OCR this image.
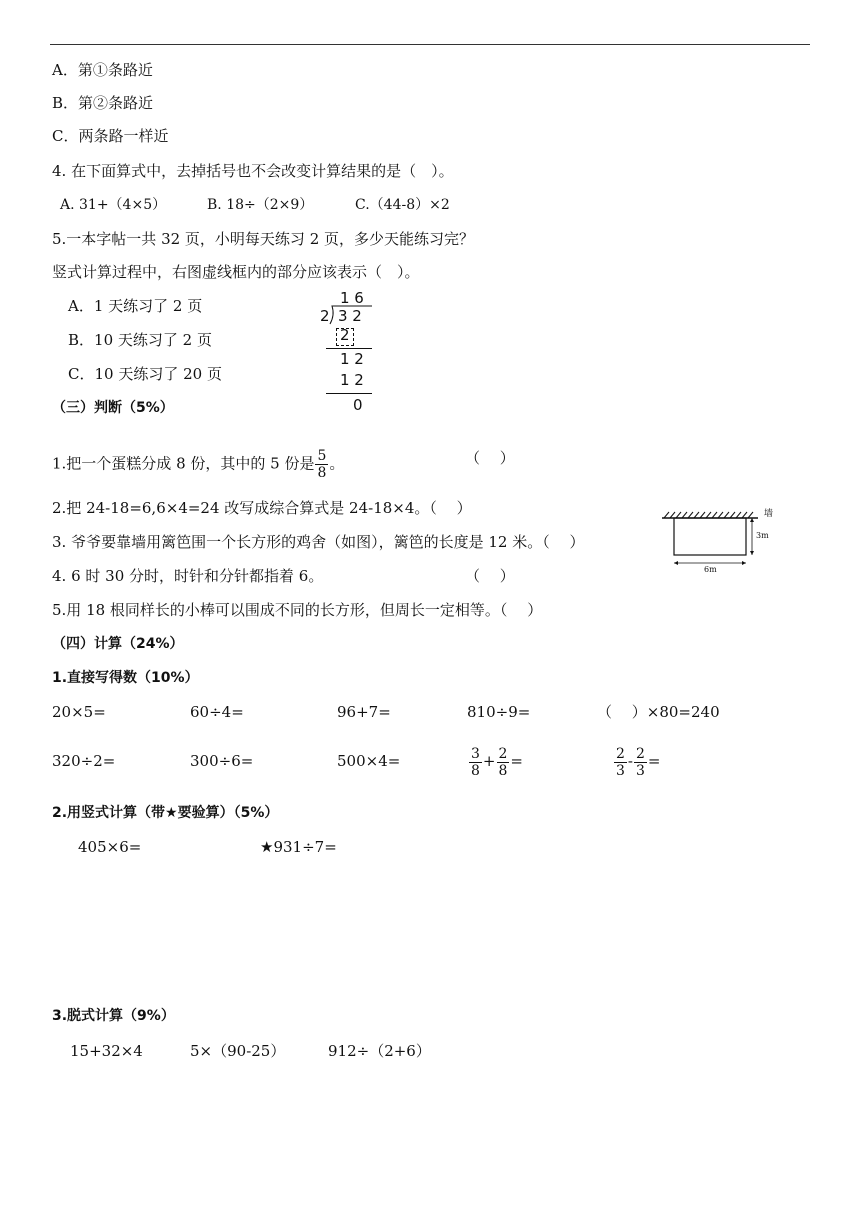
A．第①条路近
B．第②条路近
C．两条路一样近
4. 在下面算式中，去掉括号也不会改变计算结果的是（　）。
A. 31+（4×5）	B. 18÷（2×9）	C.（44-8）×2
5.一本字帖一共 32 页，小明每天练习 2 页，多少天能练习完？
竖式计算过程中，右图虚线框内的部分应该表示（　）。
A．1 天练习了 2 页
B．10 天练习了 2 页
C．10 天练习了 20 页
1 6
2 3 2
2
1 2
1 2
0
（三）判断（5%）
1.把一个蛋糕分成 8 份，其中的 5 份是 $\frac{5}{8}$ 。	（　 ）
2.把 24-18=6,6×4=24 改写成综合算式是 24-18×4。（　 ）
3. 爷爷要靠墙用篱笆围一个长方形的鸡舍（如图），篱笆的长度是 12 米。（　 ）
4. 6 时 30 分时，时针和分针都指着 6。	（　 ）
5.用 18 根同样长的小棒可以围成不同的长方形，但周长一定相等。（　 ）
墙
3m
6m
（四）计算（24%）
1.直接写得数（10%）
20×5=	60÷4=	96+7=	810÷9=	（　 ）×80=240
320÷2=	300÷6=	500×4=	$\frac{3}{8} + \frac{2}{8}$ =	$\frac{2}{3} - \frac{2}{3}$ =
2.用竖式计算（带★要验算）（5%）
405×6=	★931÷7=
3.脱式计算（9%）
15+32×4	5×（90-25）	912÷（2+6）
